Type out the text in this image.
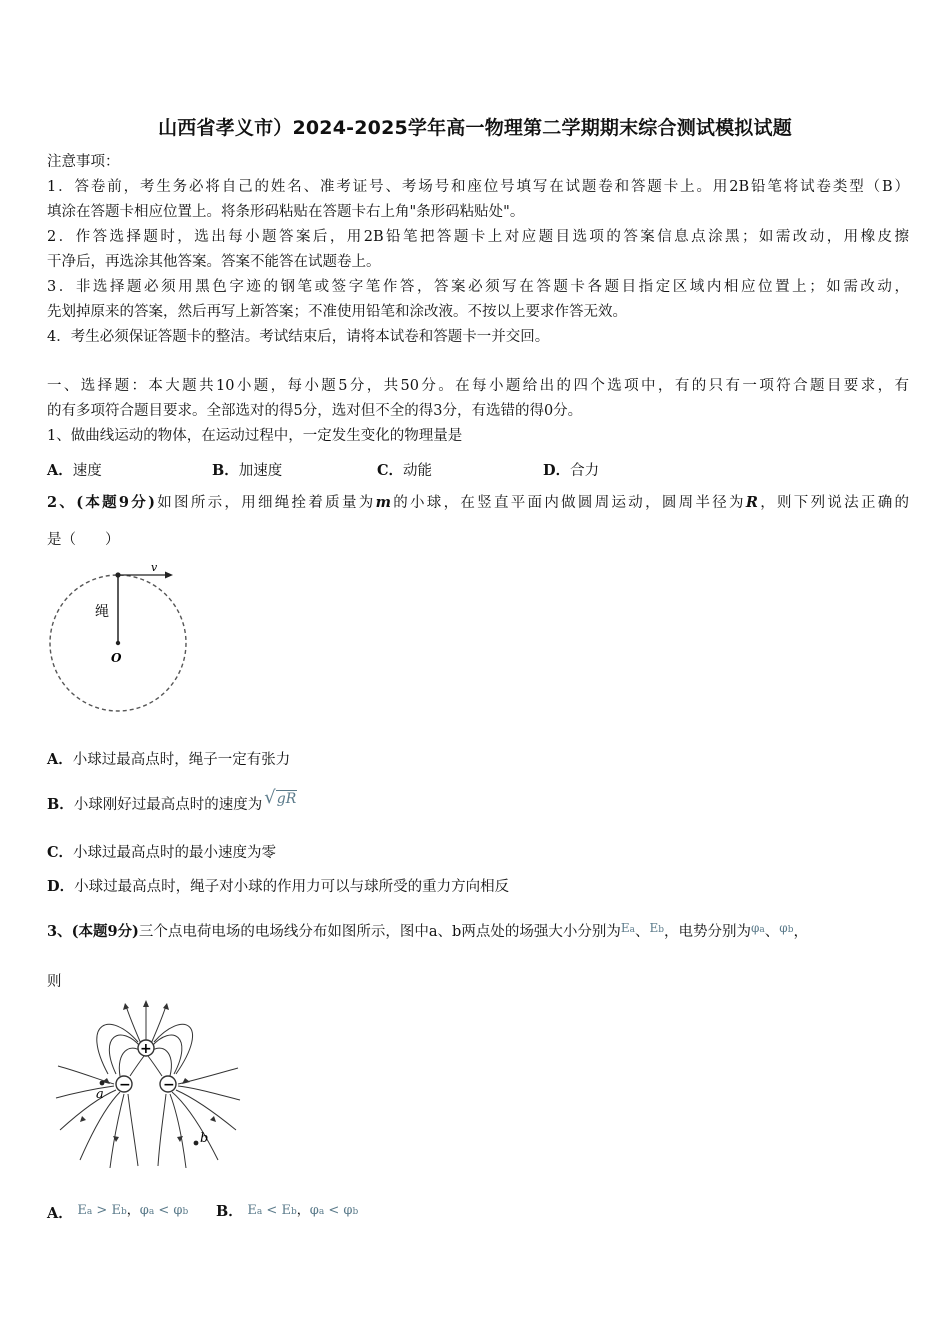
山西省孝义市）2024-2025学年高一物理第二学期期末综合测试模拟试题
注意事项：
1．答卷前，考生务必将自己的姓名、准考证号、考场号和座位号填写在试题卷和答题卡上。用2B铅笔将试卷类型（B）
填涂在答题卡相应位置上。将条形码粘贴在答题卡右上角"条形码粘贴处"。
2．作答选择题时，选出每小题答案后，用2B铅笔把答题卡上对应题目选项的答案信息点涂黑；如需改动，用橡皮擦
干净后，再选涂其他答案。答案不能答在试题卷上。
3．非选择题必须用黑色字迹的钢笔或签字笔作答，答案必须写在答题卡各题目指定区域内相应位置上；如需改动，
先划掉原来的答案，然后再写上新答案；不准使用铅笔和涂改液。不按以上要求作答无效。
4．考生必须保证答题卡的整洁。考试结束后，请将本试卷和答题卡一并交回。
一、选择题：本大题共10小题，每小题5分，共50分。在每小题给出的四个选项中，有的只有一项符合题目要求，有
的有多项符合题目要求。全部选对的得5分，选对但不全的得3分，有选错的得0分。
1、做曲线运动的物体，在运动过程中，一定发生变化的物理量是
A．速度	B．加速度	C．动能	D．合力
2、(本题9分)如图所示，用细绳拴着质量为m的小球，在竖直平面内做圆周运动，圆周半径为R，则下列说法正确的
是（　　）
v
绳
O
A．小球过最高点时，绳子一定有张力
B．小球刚好过最高点时的速度为 √gR
C．小球过最高点时的最小速度为零
D．小球过最高点时，绳子对小球的作用力可以与球所受的重力方向相反
3、(本题9分)三个点电荷电场的电场线分布如图所示，图中a、b两点处的场强大小分别为$^{Ea}$、$^{Eb}$，电势分别为$^{\varphi a}$、$^{\varphi b}$，
则
+
− −
a
b
A． Ea > Eb，φa < φb B． Ea < Eb，φa < φb
